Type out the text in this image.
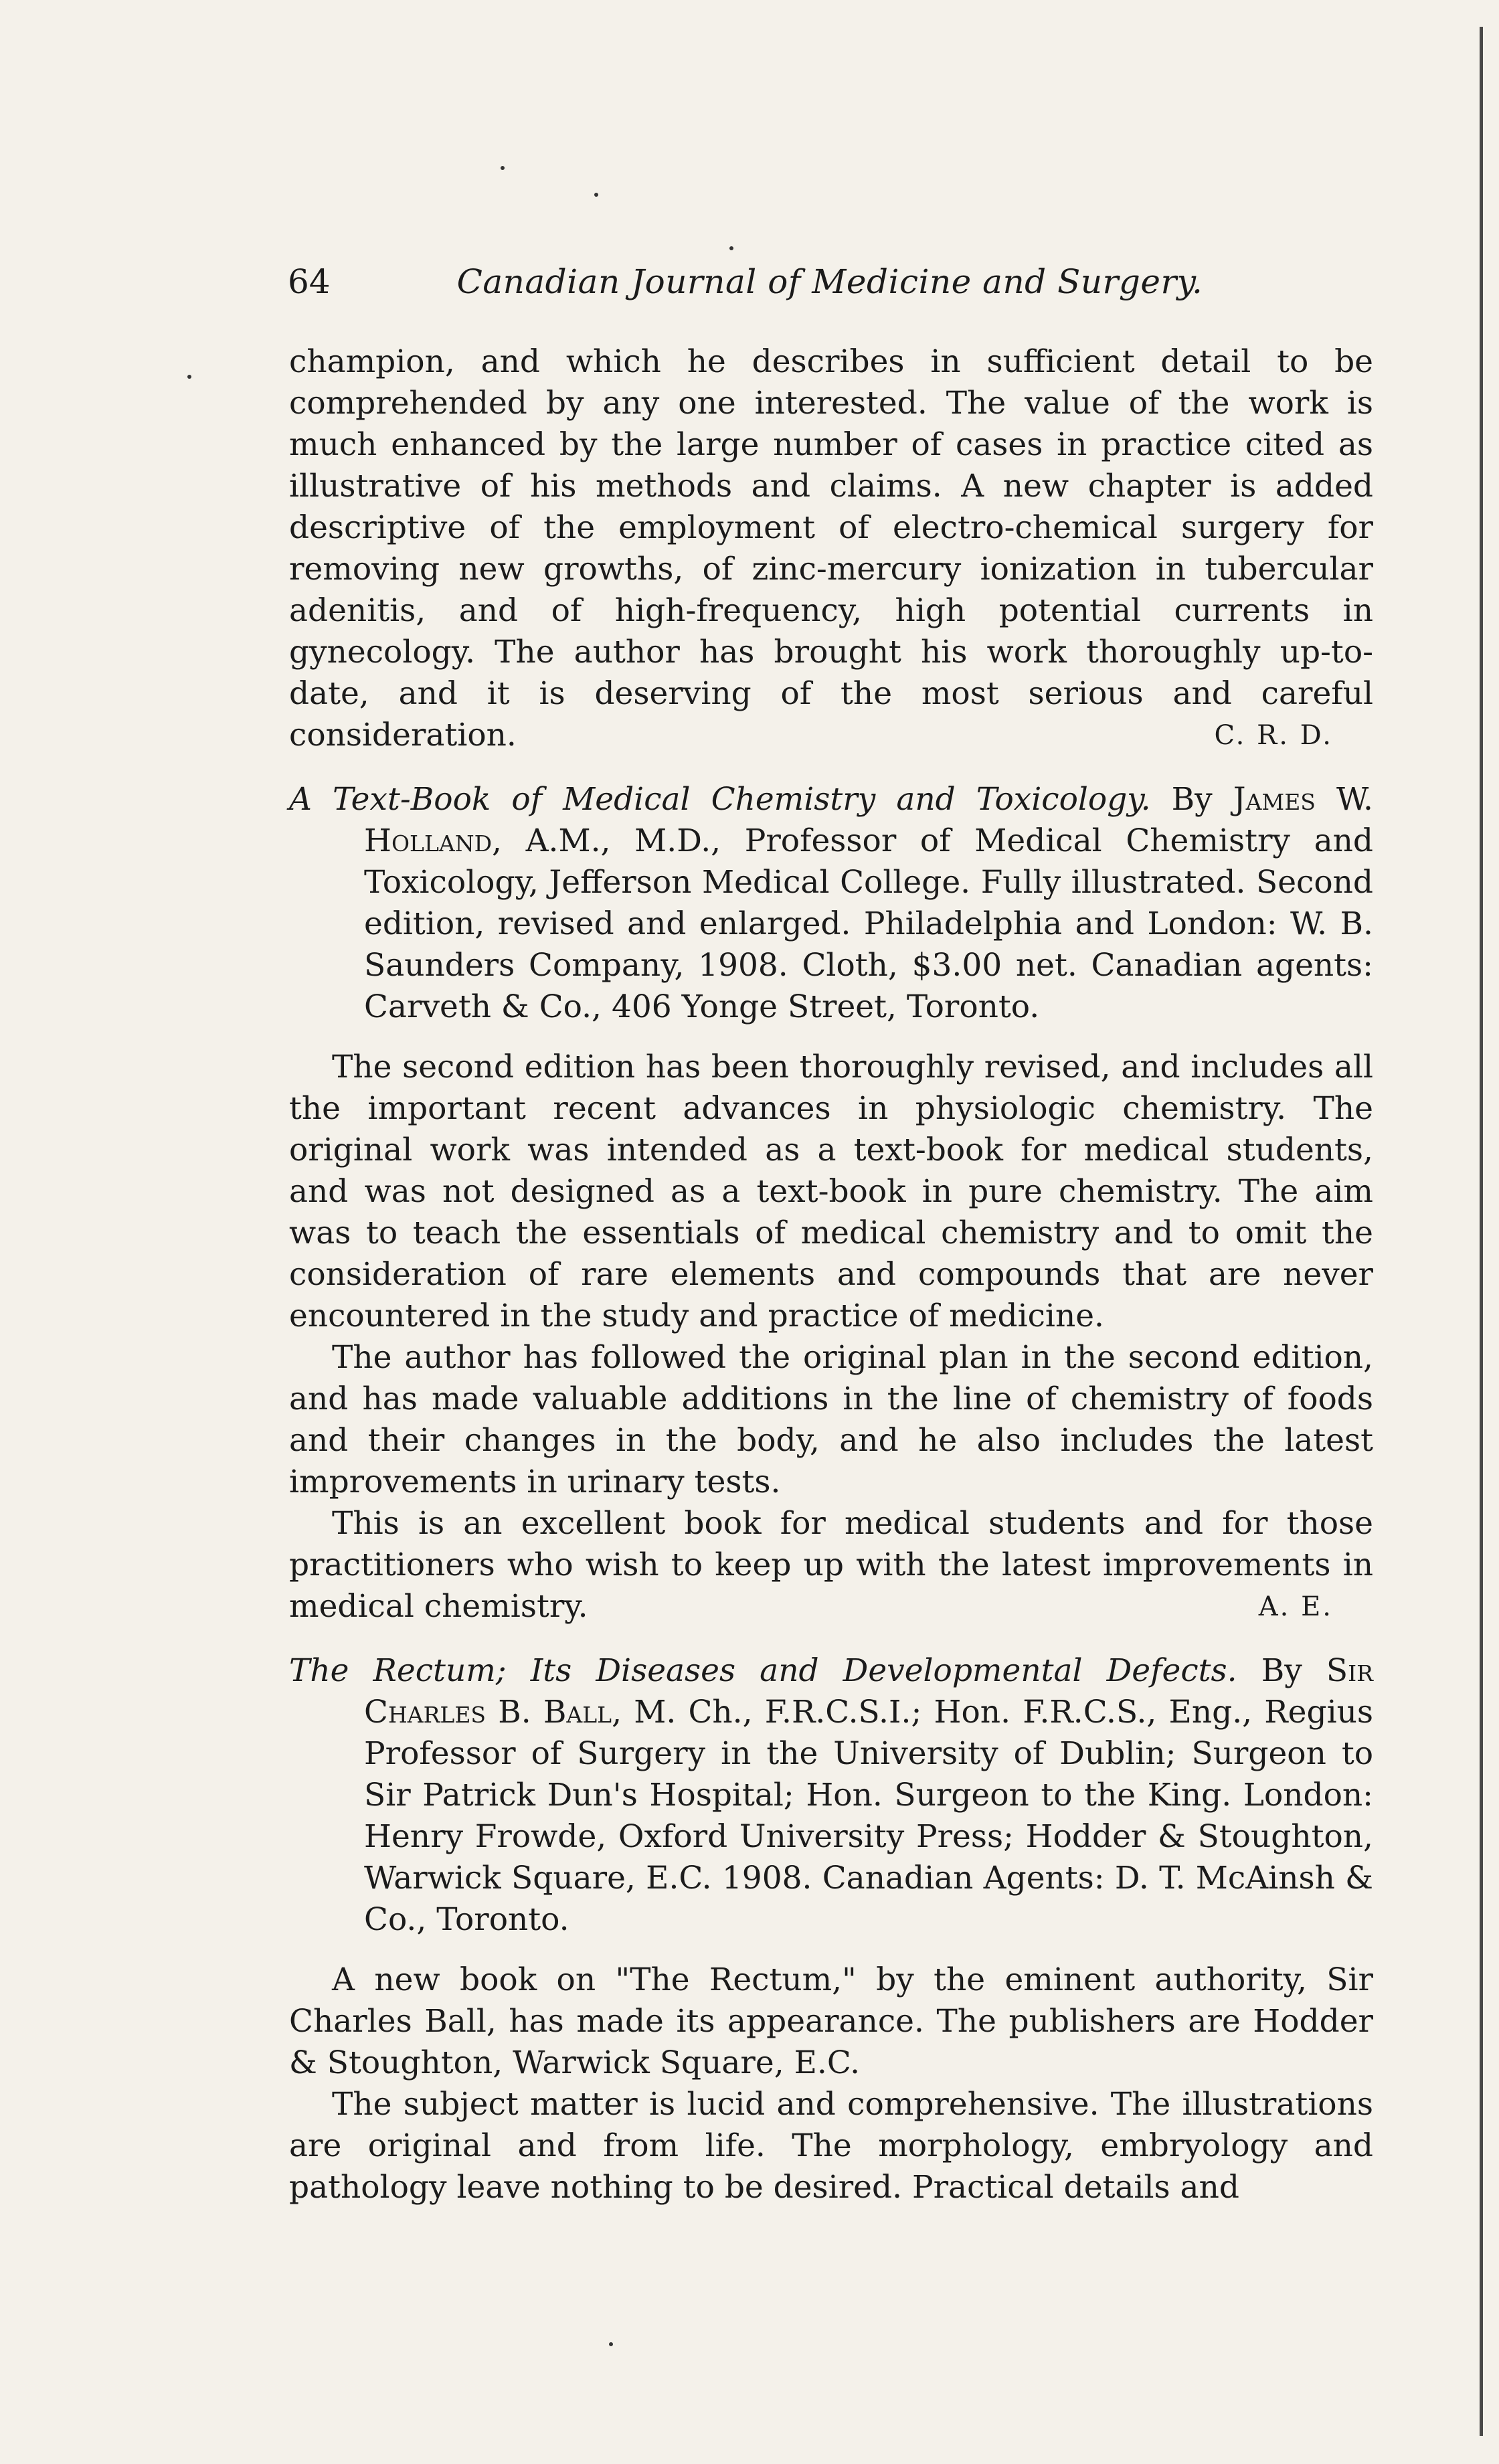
64	Canadian Journal of Medicine and Surgery.

champion, and which he describes in sufficient detail to be comprehended by any one interested. The value of the work is much enhanced by the large number of cases in practice cited as illustrative of his methods and claims. A new chapter is added descriptive of the employment of electro-chemical surgery for removing new growths, of zinc-mercury ionization in tubercular adenitis, and of high-frequency, high potential currents in gynecology. The author has brought his work thoroughly up-to-date, and it is deserving of the most serious and careful consideration.	C. R. D.

A Text-Book of Medical Chemistry and Toxicology. By James W. Holland, A.M., M.D., Professor of Medical Chemistry and Toxicology, Jefferson Medical College. Fully illustrated. Second edition, revised and enlarged. Philadelphia and London: W. B. Saunders Company, 1908. Cloth, $3.00 net. Canadian agents: Carveth & Co., 406 Yonge Street, Toronto.

The second edition has been thoroughly revised, and includes all the important recent advances in physiologic chemistry. The original work was intended as a text-book for medical students, and was not designed as a text-book in pure chemistry. The aim was to teach the essentials of medical chemistry and to omit the consideration of rare elements and compounds that are never encountered in the study and practice of medicine.

The author has followed the original plan in the second edition, and has made valuable additions in the line of chemistry of foods and their changes in the body, and he also includes the latest improvements in urinary tests.

This is an excellent book for medical students and for those practitioners who wish to keep up with the latest improvements in medical chemistry.	A. E.

The Rectum; Its Diseases and Developmental Defects. By Sir Charles B. Ball, M. Ch., F.R.C.S.I.; Hon. F.R.C.S., Eng., Regius Professor of Surgery in the University of Dublin; Surgeon to Sir Patrick Dun's Hospital; Hon. Surgeon to the King. London: Henry Frowde, Oxford University Press; Hodder & Stoughton, Warwick Square, E.C. 1908. Canadian Agents: D. T. McAinsh & Co., Toronto.

A new book on "The Rectum," by the eminent authority, Sir Charles Ball, has made its appearance. The publishers are Hodder & Stoughton, Warwick Square, E.C.

The subject matter is lucid and comprehensive. The illustrations are original and from life. The morphology, embryology and pathology leave nothing to be desired. Practical details and
